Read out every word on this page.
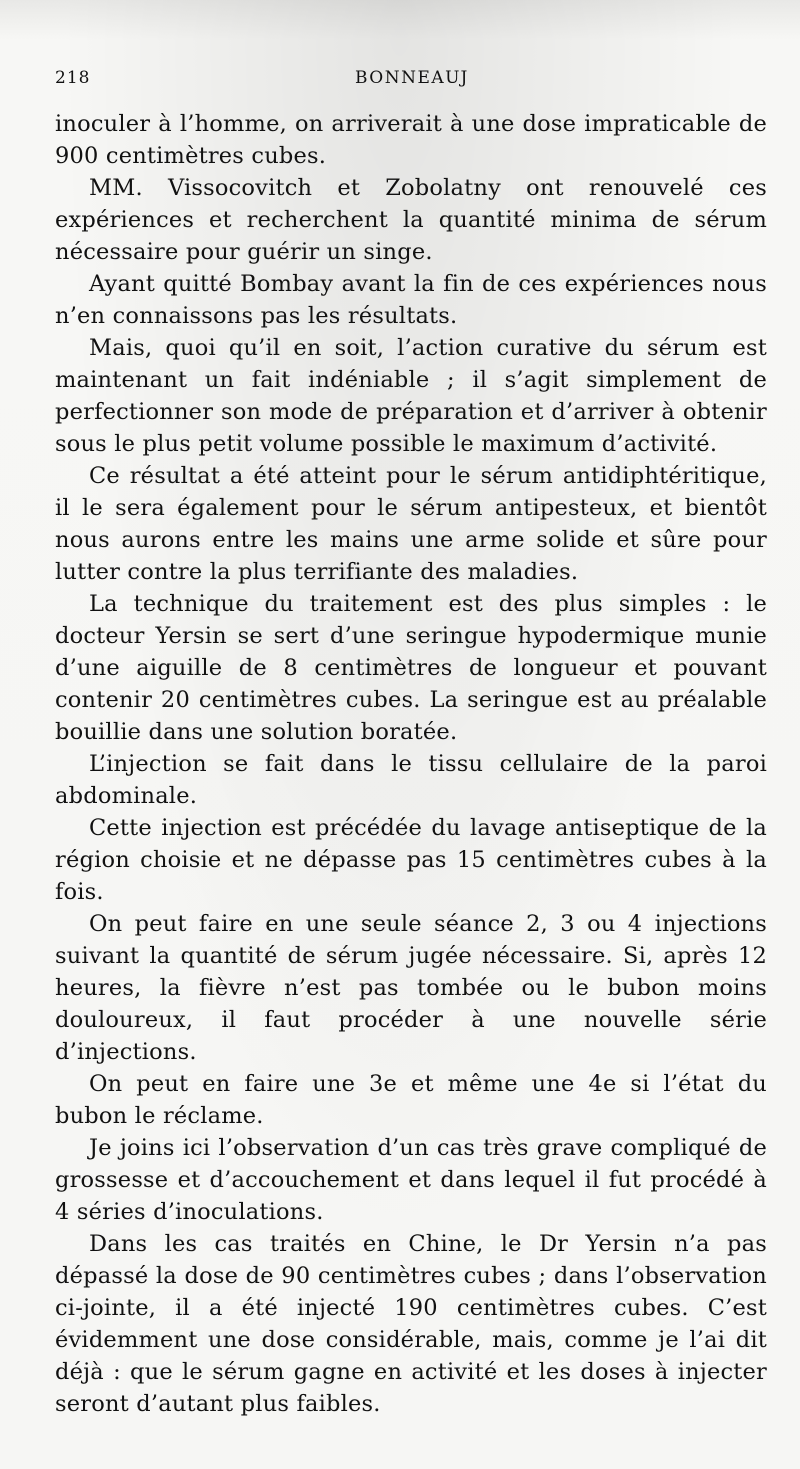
218	BONNEAUJ

inoculer à l’homme, on arriverait à une dose impraticable de 900 centimètres cubes.

MM. Vissocovitch et Zobolatny ont renouvelé ces expériences et recherchent la quantité minima de sérum nécessaire pour guérir un singe.

Ayant quitté Bombay avant la fin de ces expériences nous n’en connaissons pas les résultats.

Mais, quoi qu’il en soit, l’action curative du sérum est maintenant un fait indéniable ; il s’agit simplement de perfectionner son mode de préparation et d’arriver à obtenir sous le plus petit volume possible le maximum d’activité.

Ce résultat a été atteint pour le sérum antidiphtéritique, il le sera également pour le sérum antipesteux, et bientôt nous aurons entre les mains une arme solide et sûre pour lutter contre la plus terrifiante des maladies.

La technique du traitement est des plus simples : le docteur Yersin se sert d’une seringue hypodermique munie d’une aiguille de 8 centimètres de longueur et pouvant contenir 20 centimètres cubes. La seringue est au préalable bouillie dans une solution boratée.

L’injection se fait dans le tissu cellulaire de la paroi abdominale.

Cette injection est précédée du lavage antiseptique de la région choisie et ne dépasse pas 15 centimètres cubes à la fois.

On peut faire en une seule séance 2, 3 ou 4 injections suivant la quantité de sérum jugée nécessaire. Si, après 12 heures, la fièvre n’est pas tombée ou le bubon moins douloureux, il faut procéder à une nouvelle série d’injections.

On peut en faire une 3e et même une 4e si l’état du bubon le réclame.

Je joins ici l’observation d’un cas très grave compliqué de grossesse et d’accouchement et dans lequel il fut procédé à 4 séries d’inoculations.

Dans les cas traités en Chine, le Dr Yersin n’a pas dépassé la dose de 90 centimètres cubes ; dans l’observation ci-jointe, il a été injecté 190 centimètres cubes. C’est évidemment une dose considérable, mais, comme je l’ai dit déjà : que le sérum gagne en activité et les doses à injecter seront d’autant plus faibles.
